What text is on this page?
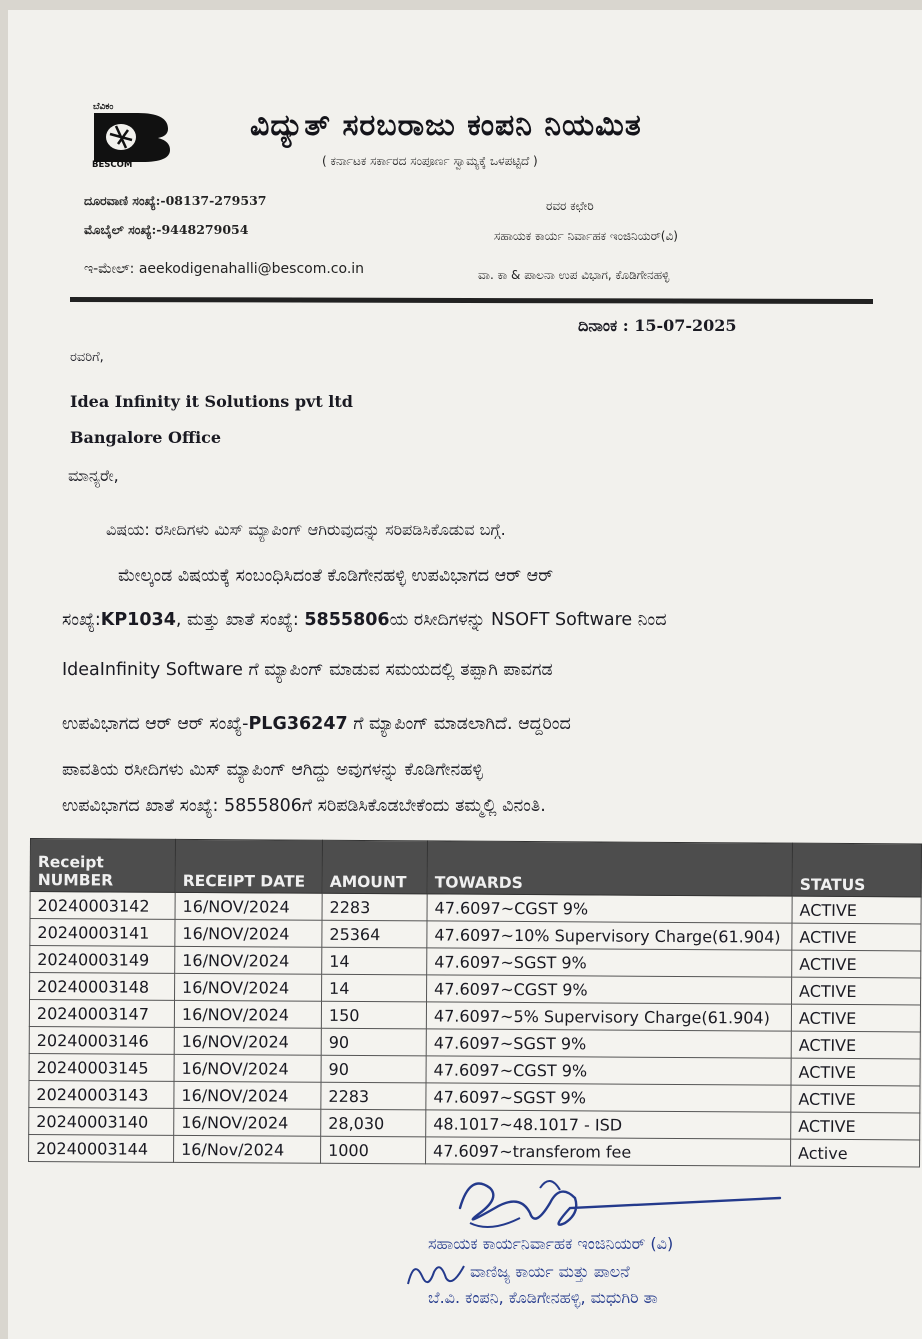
ಬೆವಿಕಂ
BESCOM
ವಿದ್ಯುತ್ ಸರಬರಾಜು ಕಂಪನಿ ನಿಯಮಿತ
( ಕರ್ನಾಟಕ ಸರ್ಕಾರದ ಸಂಪೂರ್ಣ ಸ್ವಾಮ್ಯಕ್ಕೆ ಒಳಪಟ್ಟಿದೆ )
ದೂರವಾಣಿ ಸಂಖ್ಯೆ:-08137-279537
ಮೊಬೈಲ್ ಸಂಖ್ಯೆ:-9448279054
ಇ-ಮೇಲ್: aeekodigenahalli@bescom.co.in
ರವರ ಕಛೇರಿ
ಸಹಾಯಕ ಕಾರ್ಯ ನಿರ್ವಾಹಕ ಇಂಜಿನಿಯರ್(ವಿ)
ವಾ. ಕಾ & ಪಾಲನಾ ಉಪ ವಿಭಾಗ, ಕೊಡಿಗೇನಹಳ್ಳಿ
ದಿನಾಂಕ : 15-07-2025
ರವರಿಗೆ,
Idea Infinity it Solutions pvt ltd
Bangalore Office
ಮಾನ್ಯರೇ,
ವಿಷಯ: ರಸೀದಿಗಳು ಮಿಸ್ ಮ್ಯಾಪಿಂಗ್ ಆಗಿರುವುದನ್ನು ಸರಿಪಡಿಸಿಕೊಡುವ ಬಗ್ಗೆ.
ಮೇಲ್ಕಂಡ ವಿಷಯಕ್ಕೆ ಸಂಬಂಧಿಸಿದಂತೆ ಕೊಡಿಗೇನಹಳ್ಳಿ ಉಪವಿಭಾಗದ ಆರ್ ಆರ್
ಸಂಖ್ಯೆ:KP1034, ಮತ್ತು ಖಾತೆ ಸಂಖ್ಯೆ: 5855806ಯ ರಸೀದಿಗಳನ್ನು NSOFT Software ನಿಂದ
IdeaInfinity Software ಗೆ ಮ್ಯಾಪಿಂಗ್ ಮಾಡುವ ಸಮಯದಲ್ಲಿ ತಪ್ಪಾಗಿ ಪಾವಗಡ
ಉಪವಿಭಾಗದ ಆರ್ ಆರ್ ಸಂಖ್ಯೆ-PLG36247 ಗೆ ಮ್ಯಾಪಿಂಗ್ ಮಾಡಲಾಗಿದೆ. ಆದ್ದರಿಂದ
ಪಾವತಿಯ ರಸೀದಿಗಳು ಮಿಸ್ ಮ್ಯಾಪಿಂಗ್ ಆಗಿದ್ದು ಅವುಗಳನ್ನು ಕೊಡಿಗೇನಹಳ್ಳಿ
ಉಪವಿಭಾಗದ ಖಾತೆ ಸಂಖ್ಯೆ: 5855806ಗೆ ಸರಿಪಡಿಸಿಕೊಡಬೇಕೆಂದು ತಮ್ಮಲ್ಲಿ ವಿನಂತಿ.
Receipt
NUMBER	RECEIPT DATE	AMOUNT	TOWARDS	STATUS
20240003142	16/NOV/2024	2283	47.6097~CGST 9%	ACTIVE
20240003141	16/NOV/2024	25364	47.6097~10% Supervisory Charge(61.904)	ACTIVE
20240003149	16/NOV/2024	14	47.6097~SGST 9%	ACTIVE
20240003148	16/NOV/2024	14	47.6097~CGST 9%	ACTIVE
20240003147	16/NOV/2024	150	47.6097~5% Supervisory Charge(61.904)	ACTIVE
20240003146	16/NOV/2024	90	47.6097~SGST 9%	ACTIVE
20240003145	16/NOV/2024	90	47.6097~CGST 9%	ACTIVE
20240003143	16/NOV/2024	2283	47.6097~SGST 9%	ACTIVE
20240003140	16/NOV/2024	28,030	48.1017~48.1017 - ISD	ACTIVE
20240003144	16/Nov/2024	1000	47.6097~transferom fee	Active
ಸಹಾಯಕ ಕಾರ್ಯನಿರ್ವಾಹಕ ಇಂಜಿನಿಯರ್ (ವಿ)
ವಾಣಿಜ್ಯ ಕಾರ್ಯ ಮತ್ತು ಪಾಲನೆ
ಬೆ.ವಿ. ಕಂಪನಿ, ಕೊಡಿಗೇನಹಳ್ಳಿ, ಮಧುಗಿರಿ ತಾ
